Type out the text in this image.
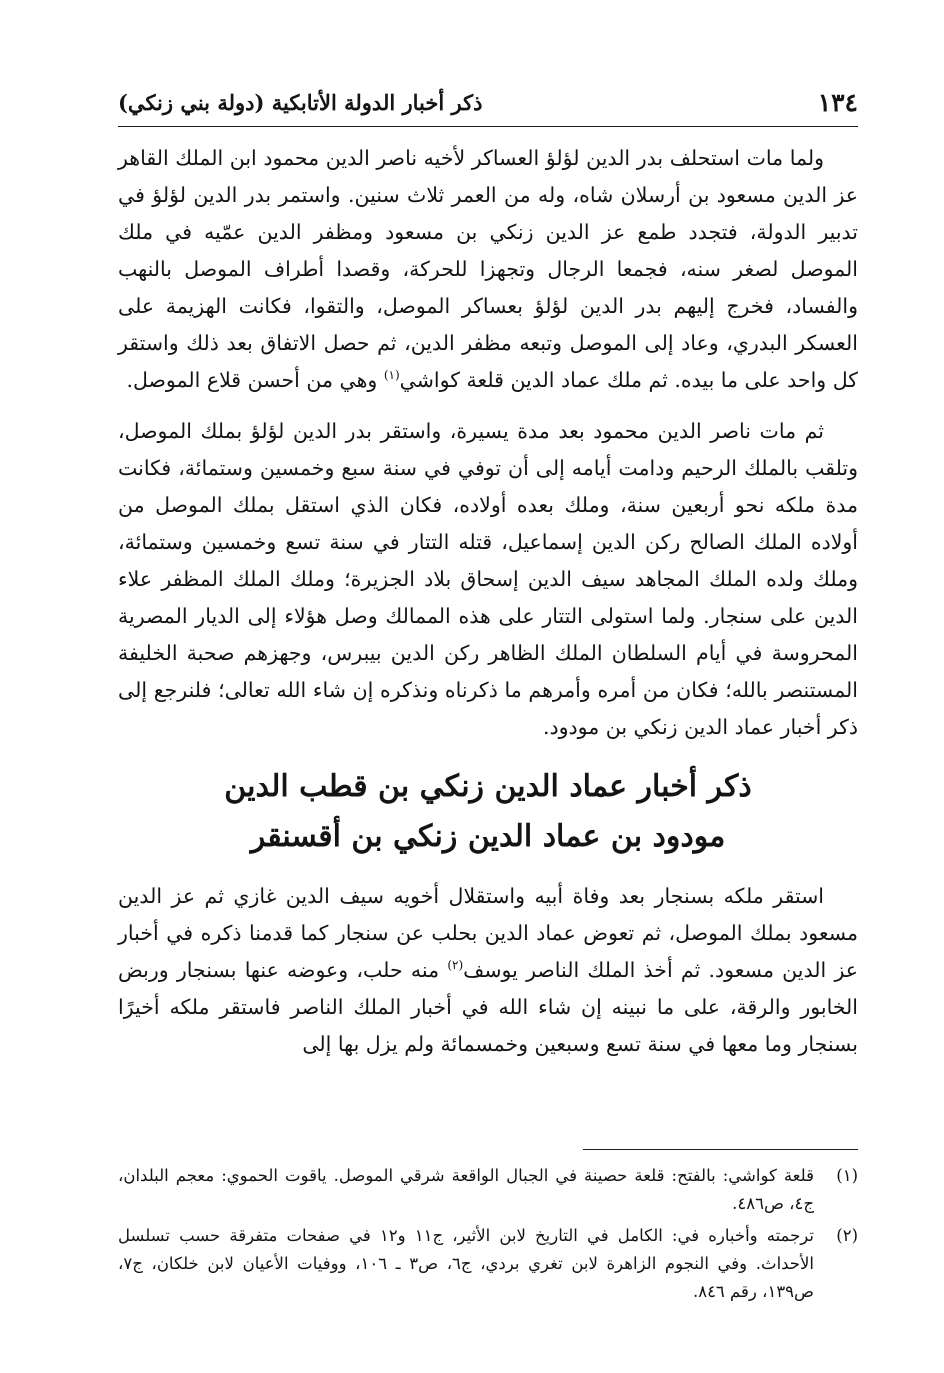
١٣٤
ذكر أخبار الدولة الأتابكية (دولة بني زنكي)

ولما مات استحلف بدر الدين لؤلؤ العساكر لأخيه ناصر الدين محمود ابن الملك القاهر عز الدين مسعود بن أرسلان شاه، وله من العمر ثلاث سنين. واستمر بدر الدين لؤلؤ في تدبير الدولة، فتجدد طمع عز الدين زنكي بن مسعود ومظفر الدين عمّيه في ملك الموصل لصغر سنه، فجمعا الرجال وتجهزا للحركة، وقصدا أطراف الموصل بالنهب والفساد، فخرج إليهم بدر الدين لؤلؤ بعساكر الموصل، والتقوا، فكانت الهزيمة على العسكر البدري، وعاد إلى الموصل وتبعه مظفر الدين، ثم حصل الاتفاق بعد ذلك واستقر كل واحد على ما بيده. ثم ملك عماد الدين قلعة كواشي$^{(١)}$ وهي من أحسن قلاع الموصل.

ثم مات ناصر الدين محمود بعد مدة يسيرة، واستقر بدر الدين لؤلؤ بملك الموصل، وتلقب بالملك الرحيم ودامت أيامه إلى أن توفي في سنة سبع وخمسين وستمائة، فكانت مدة ملكه نحو أربعين سنة، وملك بعده أولاده، فكان الذي استقل بملك الموصل من أولاده الملك الصالح ركن الدين إسماعيل، قتله التتار في سنة تسع وخمسين وستمائة، وملك ولده الملك المجاهد سيف الدين إسحاق بلاد الجزيرة؛ وملك الملك المظفر علاء الدين على سنجار. ولما استولى التتار على هذه الممالك وصل هؤلاء إلى الديار المصرية المحروسة في أيام السلطان الملك الظاهر ركن الدين بيبرس، وجهزهم صحبة الخليفة المستنصر بالله؛ فكان من أمره وأمرهم ما ذكرناه ونذكره إن شاء الله تعالى؛ فلنرجع إلى ذكر أخبار عماد الدين زنكي بن مودود.

ذكر أخبار عماد الدين زنكي بن قطب الدين
مودود بن عماد الدين زنكي بن أقسنقر

استقر ملكه بسنجار بعد وفاة أبيه واستقلال أخويه سيف الدين غازي ثم عز الدين مسعود بملك الموصل، ثم تعوض عماد الدين بحلب عن سنجار كما قدمنا ذكره في أخبار عز الدين مسعود. ثم أخذ الملك الناصر يوسف$^{(٢)}$ منه حلب، وعوضه عنها بسنجار وربض الخابور والرقة، على ما نبينه إن شاء الله في أخبار الملك الناصر فاستقر ملكه أخيرًا بسنجار وما معها في سنة تسع وسبعين وخمسمائة ولم يزل بها إلى

(١)
قلعة كواشي: بالفتح: قلعة حصينة في الجبال الواقعة شرقي الموصل. ياقوت الحموي: معجم البلدان، ج٤، ص٤٨٦.
(٢)
ترجمته وأخباره في: الكامل في التاريخ لابن الأثير، ج١١ و١٢ في صفحات متفرقة حسب تسلسل الأحداث. وفي النجوم الزاهرة لابن تغري بردي، ج٦، ص٣ ـ ١٠٦، ووفيات الأعيان لابن خلكان، ج٧، ص١٣٩، رقم ٨٤٦.
